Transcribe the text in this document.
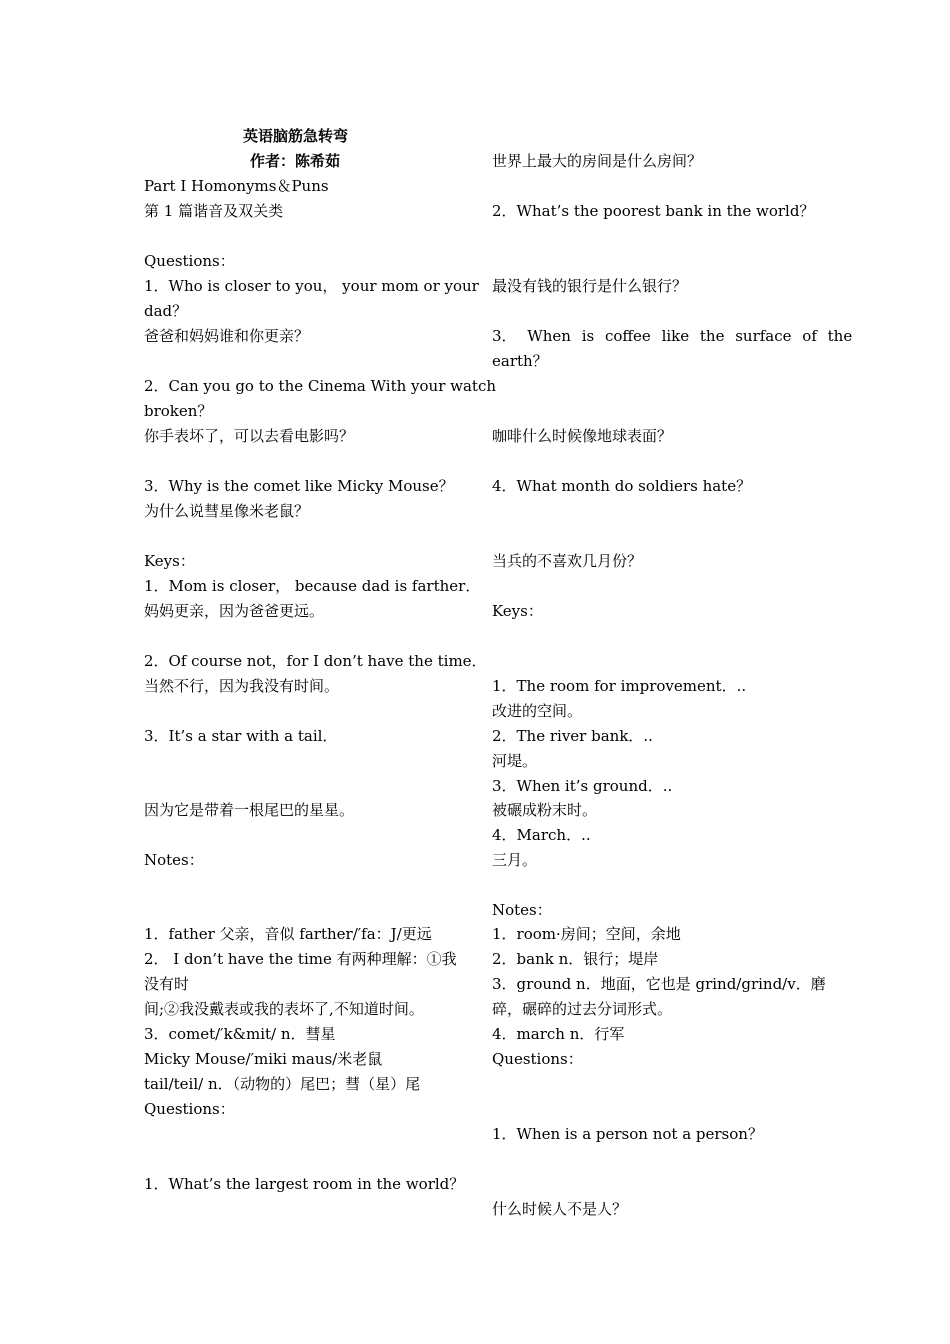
英语脑筋急转弯
作者：陈希茹
Part I Homonyms＆Puns
第 1 篇谐音及双关类
Questions：
1．Who is closer to you， your mom or your
dad？
爸爸和妈妈谁和你更亲？
2．Can you go to the Cinema With your watch
broken？
你手表坏了，可以去看电影吗？
3．Why is the comet like Micky Mouse？
为什么说彗星像米老鼠？
Keys：
1．Mom is closer， because dad is farther．
妈妈更亲，因为爸爸更远。
2．Of course not，for I don’t have the time．
当然不行，因为我没有时间。
3．It’s a star with a tail．
因为它是带着一根尾巴的星星。
Notes：
1．father 父亲，音似 farther/′fa：J/更远
2． I don’t have the time 有两种理解：①我
没有时
间;②我没戴表或我的表坏了,不知道时间。
3．comet/′k&mit/ n．彗星
Micky Mouse/′miki maus/米老鼠
tail/teil/ n．（动物的）尾巴；彗（星）尾
Questions：
1．What’s the largest room in the world？
世界上最大的房间是什么房间？
2．What’s the poorest bank in the world？
最没有钱的银行是什么银行？
3． When is coffee like the surface of the
earth？
咖啡什么时候像地球表面？
4．What month do soldiers hate？
当兵的不喜欢几月份？
Keys：
1．The room for improvement．..
改进的空间。
2．The river bank．..
河堤。
3．When it’s ground．..
被碾成粉末时。
4．March．..
三月。
Notes：
1．room·房间；空间，余地
2．bank n．银行；堤岸
3．ground n．地面，它也是 grind/grind/v．磨
碎，碾碎的过去分词形式。
4．march n．行军
Questions：
1．When is a person not a person？
什么时候人不是人？
